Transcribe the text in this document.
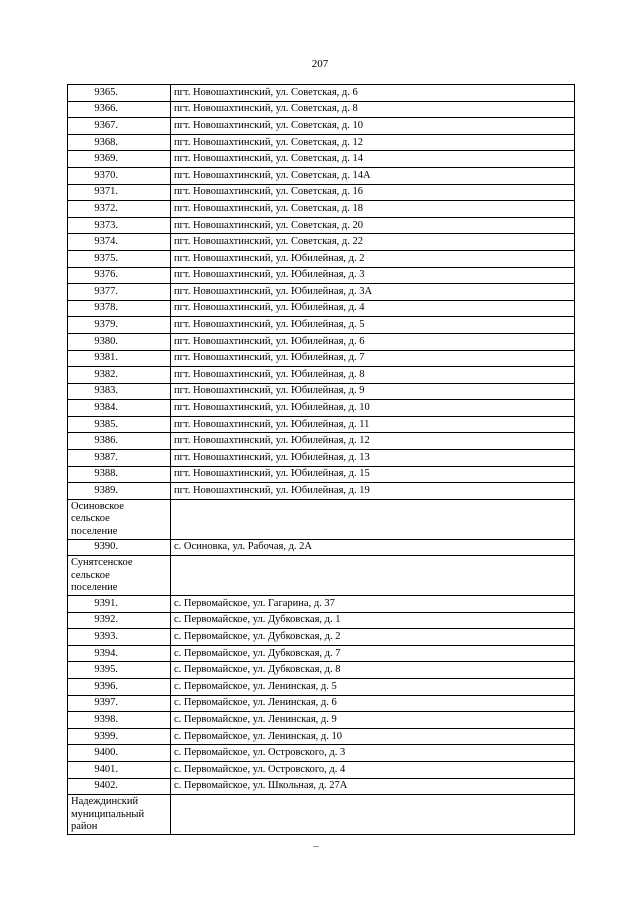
207
9365.	пгт. Новошахтинский, ул. Советская, д. 6
9366.	пгт. Новошахтинский, ул. Советская, д. 8
9367.	пгт. Новошахтинский, ул. Советская, д. 10
9368.	пгт. Новошахтинский, ул. Советская, д. 12
9369.	пгт. Новошахтинский, ул. Советская, д. 14
9370.	пгт. Новошахтинский, ул. Советская, д. 14А
9371.	пгт. Новошахтинский, ул. Советская, д. 16
9372.	пгт. Новошахтинский, ул. Советская, д. 18
9373.	пгт. Новошахтинский, ул. Советская, д. 20
9374.	пгт. Новошахтинский, ул. Советская, д. 22
9375.	пгт. Новошахтинский, ул. Юбилейная, д. 2
9376.	пгт. Новошахтинский, ул. Юбилейная, д. 3
9377.	пгт. Новошахтинский, ул. Юбилейная, д. 3А
9378.	пгт. Новошахтинский, ул. Юбилейная, д. 4
9379.	пгт. Новошахтинский, ул. Юбилейная, д. 5
9380.	пгт. Новошахтинский, ул. Юбилейная, д. 6
9381.	пгт. Новошахтинский, ул. Юбилейная, д. 7
9382.	пгт. Новошахтинский, ул. Юбилейная, д. 8
9383.	пгт. Новошахтинский, ул. Юбилейная, д. 9
9384.	пгт. Новошахтинский, ул. Юбилейная, д. 10
9385.	пгт. Новошахтинский, ул. Юбилейная, д. 11
9386.	пгт. Новошахтинский, ул. Юбилейная, д. 12
9387.	пгт. Новошахтинский, ул. Юбилейная, д. 13
9388.	пгт. Новошахтинский, ул. Юбилейная, д. 15
9389.	пгт. Новошахтинский, ул. Юбилейная, д. 19

Осиновское
сельское
поселение	

9390.	с. Осиновка, ул. Рабочая, д. 2А

Сунятсенское
сельское
поселение	

9391.	с. Первомайское, ул. Гагарина, д. 37
9392.	с. Первомайское, ул. Дубковская, д. 1
9393.	с. Первомайское, ул. Дубковская, д. 2
9394.	с. Первомайское, ул. Дубковская, д. 7
9395.	с. Первомайское, ул. Дубковская, д. 8
9396.	с. Первомайское, ул. Ленинская, д. 5
9397.	с. Первомайское, ул. Ленинская, д. 6
9398.	с. Первомайское, ул. Ленинская, д. 9
9399.	с. Первомайское, ул. Ленинская, д. 10
9400.	с. Первомайское, ул. Островского, д. 3
9401.	с. Первомайское, ул. Островского, д. 4
9402.	с. Первомайское, ул. Школьная, д. 27А

Надеждинский
муниципальный
район	
